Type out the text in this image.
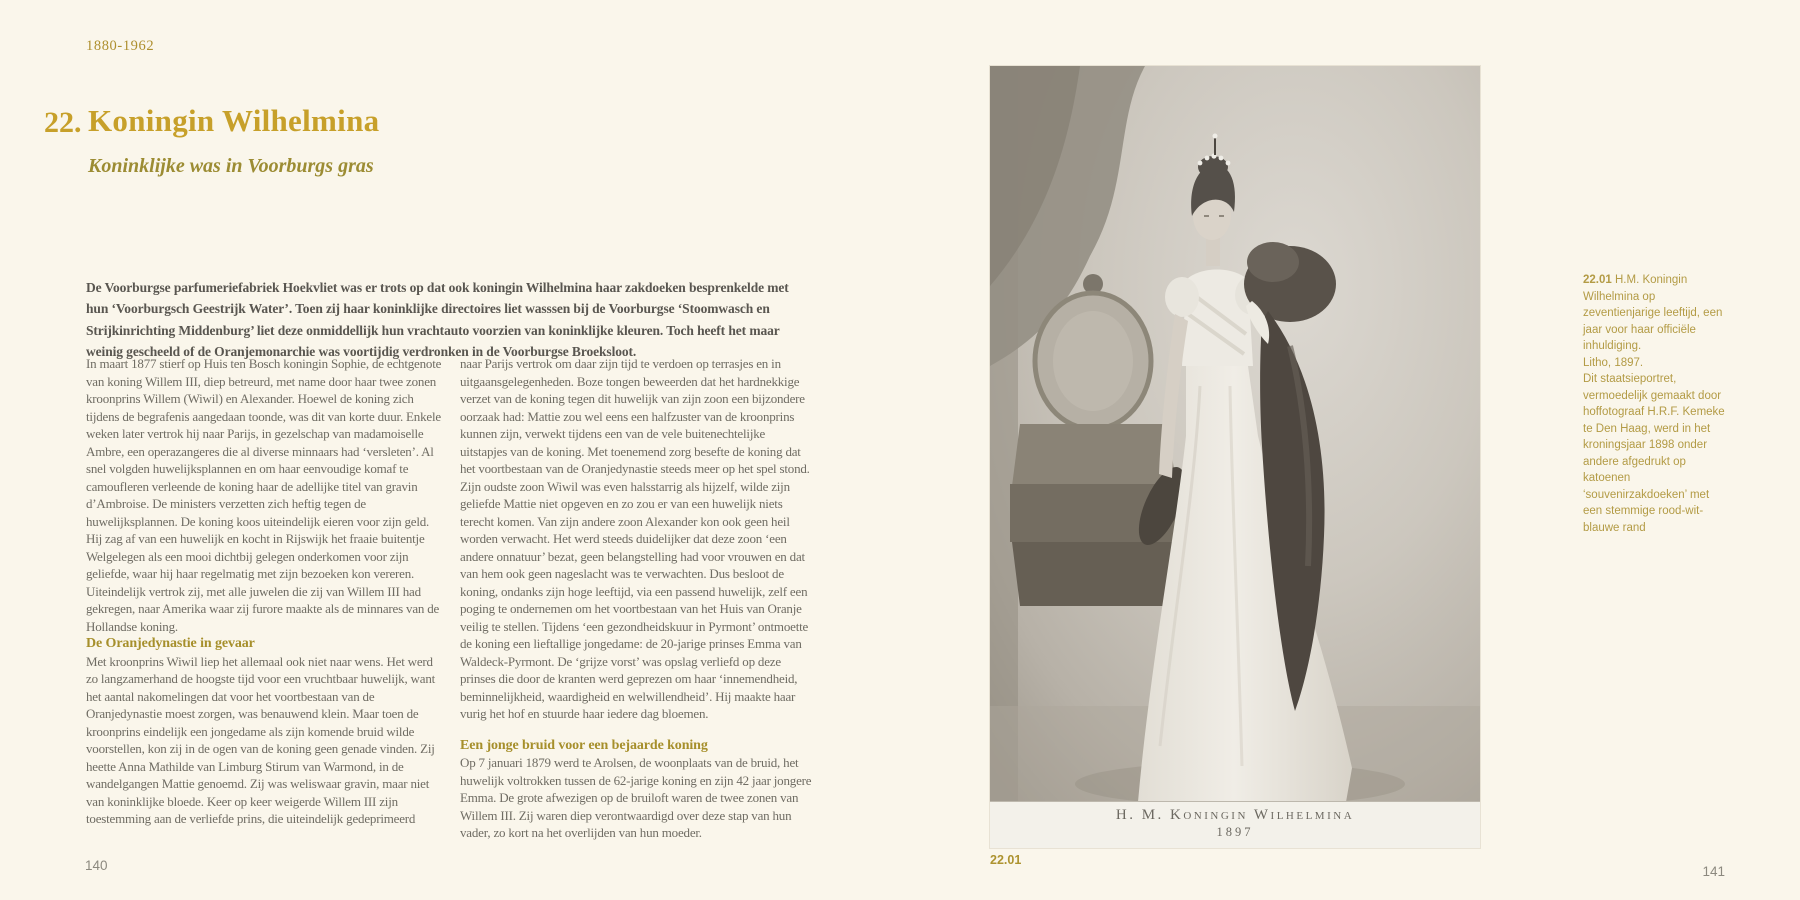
1880-1962
22. Koningin Wilhelmina
Koninklijke was in Voorburgs gras

De Voorburgse parfumeriefabriek Hoekvliet was er trots op dat ook koningin Wilhelmina haar zakdoeken besprenkelde met hun ‘Voorburgsch Geestrijk Water’. Toen zij haar koninklijke directoires liet wasssen bij de Voorburgse ‘Stoomwasch en Strijkinrichting Middenburg’ liet deze onmiddellijk hun vrachtauto voorzien van koninklijke kleuren. Toch heeft het maar weinig gescheeld of de Oranjemonarchie was voortijdig verdronken in de Voorburgse Broeksloot.

In maart 1877 stierf op Huis ten Bosch koningin Sophie, de echtgenote van koning Willem III, diep betreurd, met name door haar twee zonen kroonprins Willem (Wiwil) en Alexander. Hoewel de koning zich tijdens de begrafenis aangedaan toonde, was dit van korte duur. Enkele weken later vertrok hij naar Parijs, in gezelschap van madamoiselle Ambre, een operazangeres die al diverse minnaars had ‘versleten’. Al snel volgden huwelijksplannen en om haar eenvoudige komaf te camoufleren verleende de koning haar de adellijke titel van gravin d’Ambroise. De ministers verzetten zich heftig tegen de huwelijksplannen. De koning koos uiteindelijk eieren voor zijn geld. Hij zag af van een huwelijk en kocht in Rijswijk het fraaie buitentje Welgelegen als een mooi dichtbij gelegen onderkomen voor zijn geliefde, waar hij haar regelmatig met zijn bezoeken kon vereren. Uiteindelijk vertrok zij, met alle juwelen die zij van Willem III had gekregen, naar Amerika waar zij furore maakte als de minnares van de Hollandse koning.

De Oranjedynastie in gevaar

Met kroonprins Wiwil liep het allemaal ook niet naar wens. Het werd zo langzamerhand de hoogste tijd voor een vruchtbaar huwelijk, want het aantal nakomelingen dat voor het voortbestaan van de Oranjedynastie moest zorgen, was benauwend klein. Maar toen de kroonprins eindelijk een jongedame als zijn komende bruid wilde voorstellen, kon zij in de ogen van de koning geen genade vinden. Zij heette Anna Mathilde van Limburg Stirum van Warmond, in de wandelgangen Mattie genoemd. Zij was weliswaar gravin, maar niet van koninklijke bloede. Keer op keer weigerde Willem III zijn toestemming aan de verliefde prins, die uiteindelijk gedeprimeerd

naar Parijs vertrok om daar zijn tijd te verdoen op terrasjes en in uitgaansgelegenheden. Boze tongen beweerden dat het hardnekkige verzet van de koning tegen dit huwelijk van zijn zoon een bijzondere oorzaak had: Mattie zou wel eens een halfzuster van de kroonprins kunnen zijn, verwekt tijdens een van de vele buitenechtelijke uitstapjes van de koning. Met toenemend zorg besefte de koning dat het voortbestaan van de Oranjedynastie steeds meer op het spel stond. Zijn oudste zoon Wiwil was even halsstarrig als hijzelf, wilde zijn geliefde Mattie niet opgeven en zo zou er van een huwelijk niets terecht komen. Van zijn andere zoon Alexander kon ook geen heil worden verwacht. Het werd steeds duidelijker dat deze zoon ‘een andere onnatuur’ bezat, geen belangstelling had voor vrouwen en dat van hem ook geen nageslacht was te verwachten. Dus besloot de koning, ondanks zijn hoge leeftijd, via een passend huwelijk, zelf een poging te ondernemen om het voortbestaan van het Huis van Oranje veilig te stellen. Tijdens ‘een gezondheidskuur in Pyrmont’ ontmoette de koning een lieftallige jongedame: de 20-jarige prinses Emma van Waldeck-Pyrmont. De ‘grijze vorst’ was opslag verliefd op deze prinses die door de kranten werd geprezen om haar ‘innemendheid, beminnelijkheid, waardigheid en welwillendheid’. Hij maakte haar vurig het hof en stuurde haar iedere dag bloemen.

Een jonge bruid voor een bejaarde koning

Op 7 januari 1879 werd te Arolsen, de woonplaats van de bruid, het huwelijk voltrokken tussen de 62-jarige koning en zijn 42 jaar jongere Emma. De grote afwezigen op de bruiloft waren de twee zonen van Willem III. Zij waren diep verontwaardigd over deze stap van hun vader, zo kort na het overlijden van hun moeder.

140
H. M. Koningin Wilhelmina
1897
22.01

22.01 H.M. Koningin Wilhelmina op zeventienjarige leeftijd, een jaar voor haar officiële inhuldiging.

Litho, 1897.

Dit staatsieportret, vermoedelijk gemaakt door hoffotograaf H.R.F. Kemeke te Den Haag, werd in het kroningsjaar 1898 onder andere afgedrukt op katoenen ‘souvenirzakdoeken’ met een stemmige rood-wit-blauwe rand

141
